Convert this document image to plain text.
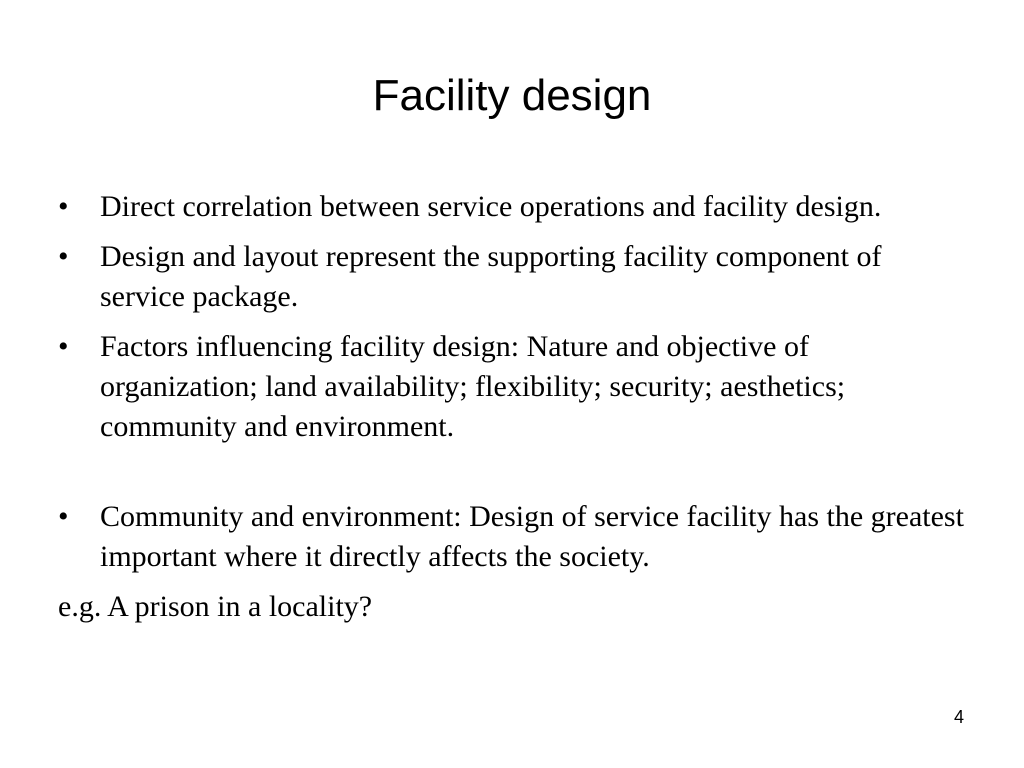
Facility design
•	Direct correlation between service operations and facility design.
•	Design and layout represent the supporting facility component of service package.
•	Factors influencing facility design: Nature and objective of organization; land availability; flexibility; security; aesthetics; community and environment.
•	Community and environment: Design of service facility has the greatest important where it directly affects the society.

e.g. A prison in a locality?

4
